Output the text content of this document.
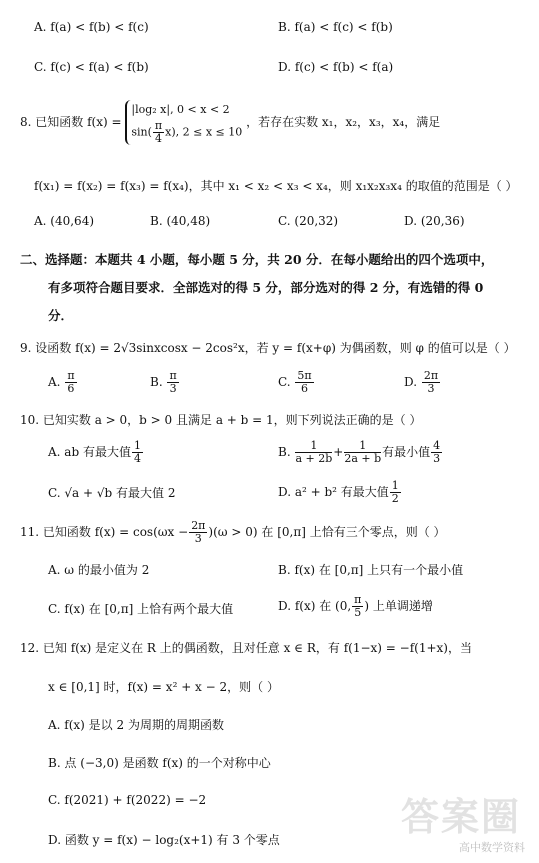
A. f(a) < f(b) < f(c)	B. f(a) < f(c) < f(b)
C. f(c) < f(a) < f(b)	D. f(c) < f(b) < f(a)
8. 已知函数 f(x) =
|log₂ x|, 0 < x < 2
$\sin( \frac{\pi}{4} x)$, 2 ≤ x ≤ 10
，若存在实数 x₁，x₂，x₃，x₄，满足
f(x₁) = f(x₂) = f(x₃) = f(x₄)，其中 x₁ < x₂ < x₃ < x₄，则 x₁x₂x₃x₄ 的取值的范围是（ ）
A. (40,64)	B. (40,48)	C. (20,32)	D. (20,36)
二、选择题：本题共 4 小题，每小题 5 分，共 20 分．在每小题给出的四个选项中，
有多项符合题目要求．全部选对的得 5 分，部分选对的得 2 分，有选错的得 0
分．
9. 设函数 f(x) = 2√3sinxcosx − 2cos²x，若 y = f(x+φ) 为偶函数，则 φ 的值可以是（ ）
A. $\frac{\pi}{6}$	B. $\frac{\pi}{3}$	C. $\frac{5\pi}{6}$	D. $\frac{2\pi}{3}$
10. 已知实数 a > 0，b > 0 且满足 a + b = 1，则下列说法正确的是（ ）
A. ab 有最大值 $\frac{1}{4}$	B. $\frac{1}{a + 2b} + \frac{1}{2a + b}$ 有最小值 $\frac{4}{3}$
C. √a + √b 有最大值 2	D. a² + b² 有最大值 $\frac{1}{2}$
11. 已知函数 $f(x) = \cos(\omega x - \frac{2\pi}{3} )(\omega > 0)$ 在 [0,π] 上恰有三个零点，则（ ）
A. ω 的最小值为 2	B. f(x) 在 [0,π] 上只有一个最小值
C. f(x) 在 [0,π] 上恰有两个最大值	D. f(x) 在 (0, $\frac{\pi}{5}$ ) 上单调递增
12. 已知 f(x) 是定义在 R 上的偶函数，且对任意 x ∈ R，有 f(1−x) = −f(1+x)，当
x ∈ [0,1] 时，f(x) = x² + x − 2，则（ ）
A. f(x) 是以 2 为周期的周期函数
B. 点 (−3,0) 是函数 f(x) 的一个对称中心
C. f(2021) + f(2022) = −2
D. 函数 y = f(x) − log₂(x+1) 有 3 个零点
答案圈
高中数学资料
